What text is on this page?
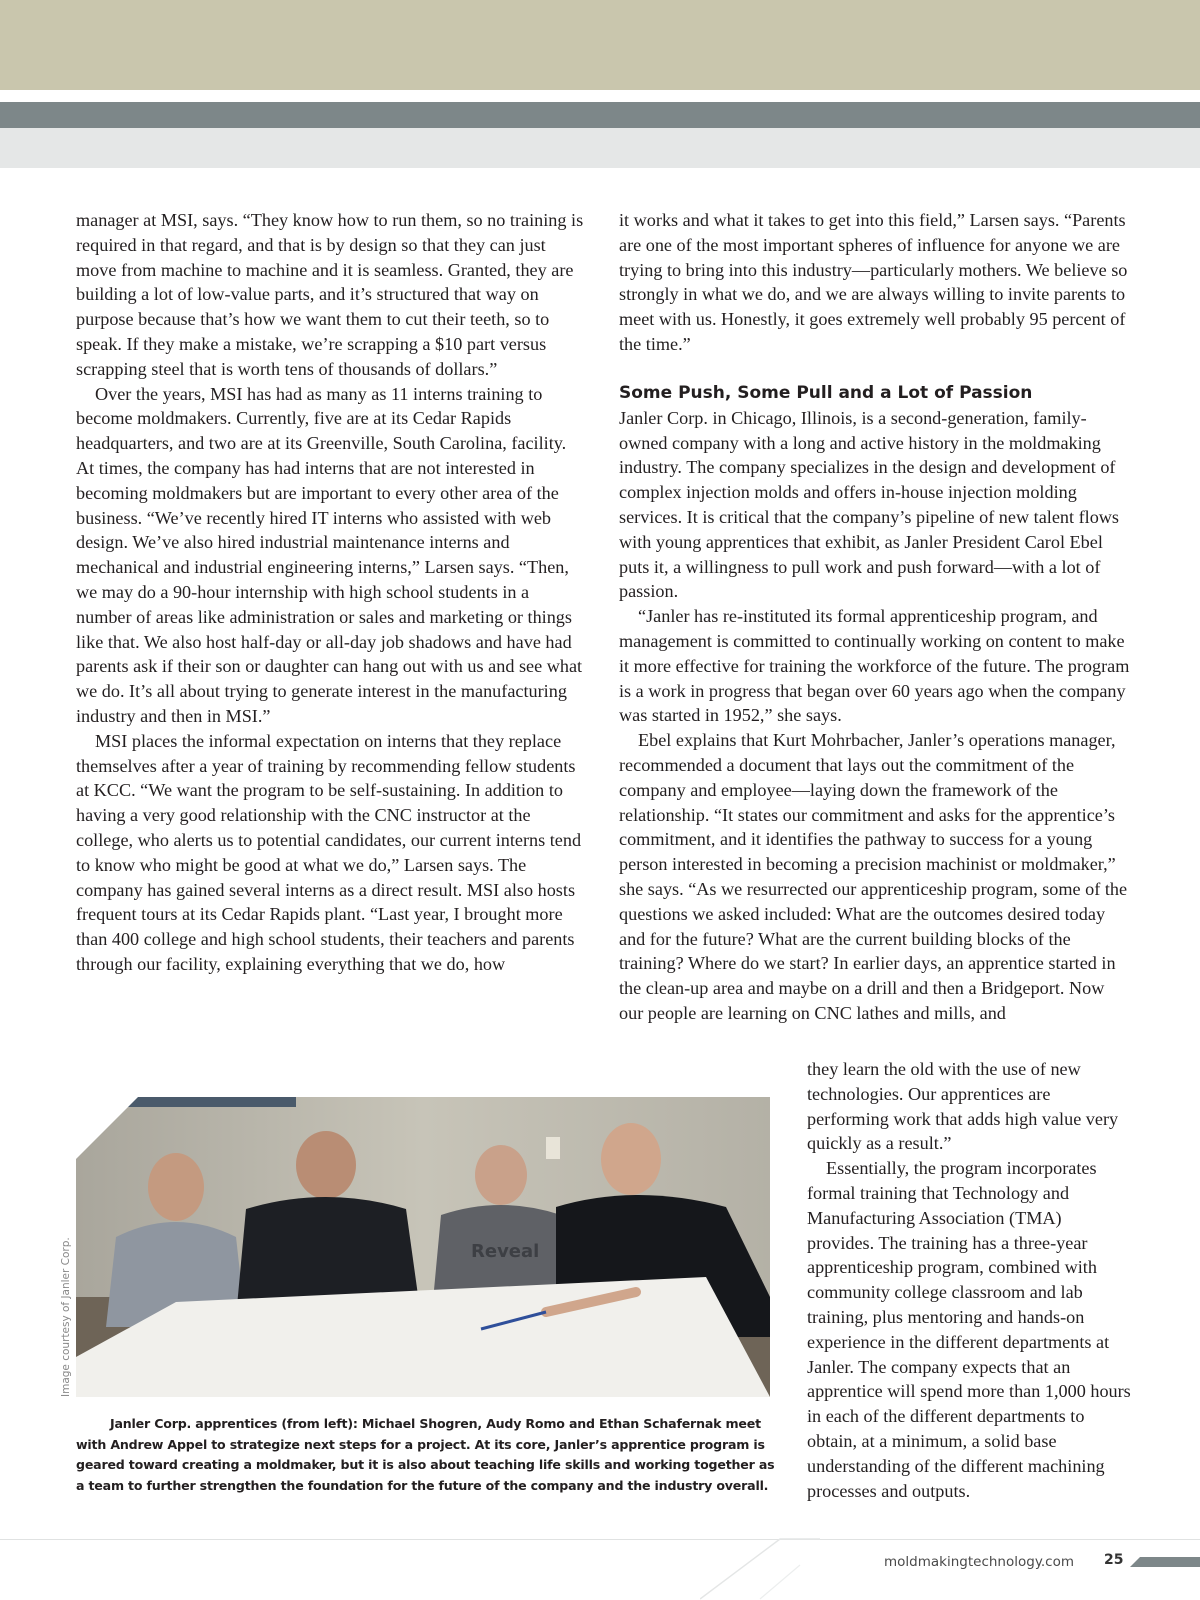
manager at MSI, says. “They know how to run them, so no training is required in that regard, and that is by design so that they can just move from machine to machine and it is seamless. Granted, they are building a lot of low-value parts, and it’s structured that way on purpose because that’s how we want them to cut their teeth, so to speak. If they make a mistake, we’re scrapping a $10 part versus scrapping steel that is worth tens of thousands of dollars.”

Over the years, MSI has had as many as 11 interns training to become moldmakers. Currently, five are at its Cedar Rapids headquarters, and two are at its Greenville, South Carolina, facility. At times, the company has had interns that are not interested in becoming moldmakers but are important to every other area of the business. “We’ve recently hired IT interns who assisted with web design. We’ve also hired industrial maintenance interns and mechanical and industrial engineering interns,” Larsen says. “Then, we may do a 90-hour internship with high school students in a number of areas like administration or sales and marketing or things like that. We also host half-day or all-day job shadows and have had parents ask if their son or daughter can hang out with us and see what we do. It’s all about trying to generate interest in the manufacturing industry and then in MSI.”

MSI places the informal expectation on interns that they replace themselves after a year of training by recommending fellow students at KCC. “We want the program to be self-sustaining. In addition to having a very good relationship with the CNC instructor at the college, who alerts us to potential candidates, our current interns tend to know who might be good at what we do,” Larsen says. The company has gained several interns as a direct result. MSI also hosts frequent tours at its Cedar Rapids plant. “Last year, I brought more than 400 college and high school students, their teachers and parents through our facility, explaining everything that we do, how

it works and what it takes to get into this field,” Larsen says. “Parents are one of the most important spheres of influence for anyone we are trying to bring into this industry—particularly mothers. We believe so strongly in what we do, and we are always willing to invite parents to meet with us. Honestly, it goes extremely well probably 95 percent of the time.”

Some Push, Some Pull and a Lot of Passion

Janler Corp. in Chicago, Illinois, is a second-generation, family-owned company with a long and active history in the moldmaking industry. The company specializes in the design and development of complex injection molds and offers in-house injection molding services. It is critical that the company’s pipeline of new talent flows with young apprentices that exhibit, as Janler President Carol Ebel puts it, a willingness to pull work and push forward—with a lot of passion.

“Janler has re-instituted its formal apprenticeship program, and management is committed to continually working on content to make it more effective for training the workforce of the future. The program is a work in progress that began over 60 years ago when the company was started in 1952,” she says.

Ebel explains that Kurt Mohrbacher, Janler’s operations manager, recommended a document that lays out the commitment of the company and employee—laying down the framework of the relationship. “It states our commitment and asks for the apprentice’s commitment, and it identifies the pathway to success for a young person interested in becoming a precision machinist or moldmaker,” she says. “As we resurrected our apprenticeship program, some of the questions we asked included: What are the outcomes desired today and for the future? What are the current building blocks of the training? Where do we start? In earlier days, an apprentice started in the clean-up area and maybe on a drill and then a Bridgeport. Now our people are learning on CNC lathes and mills, and

they learn the old with the use of new technologies. Our apprentices are performing work that adds high value very quickly as a result.”

Essentially, the program incorporates formal training that Technology and Manufacturing Association (TMA) provides. The training has a three-year apprenticeship program, combined with community college classroom and lab training, plus mentoring and hands-on experience in the different departments at Janler. The company expects that an apprentice will spend more than 1,000 hours in each of the different departments to obtain, at a minimum, a solid base understanding of the different machining processes and outputs.

Reveal
Image courtesy of Janler Corp.
Janler Corp. apprentices (from left): Michael Shogren, Audy Romo and Ethan Schafernak meet with Andrew Appel to strategize next steps for a project. At its core, Janler’s apprentice program is geared toward creating a moldmaker, but it is also about teaching life skills and working together as a team to further strengthen the foundation for the future of the company and the industry overall.
moldmakingtechnology.com 25
